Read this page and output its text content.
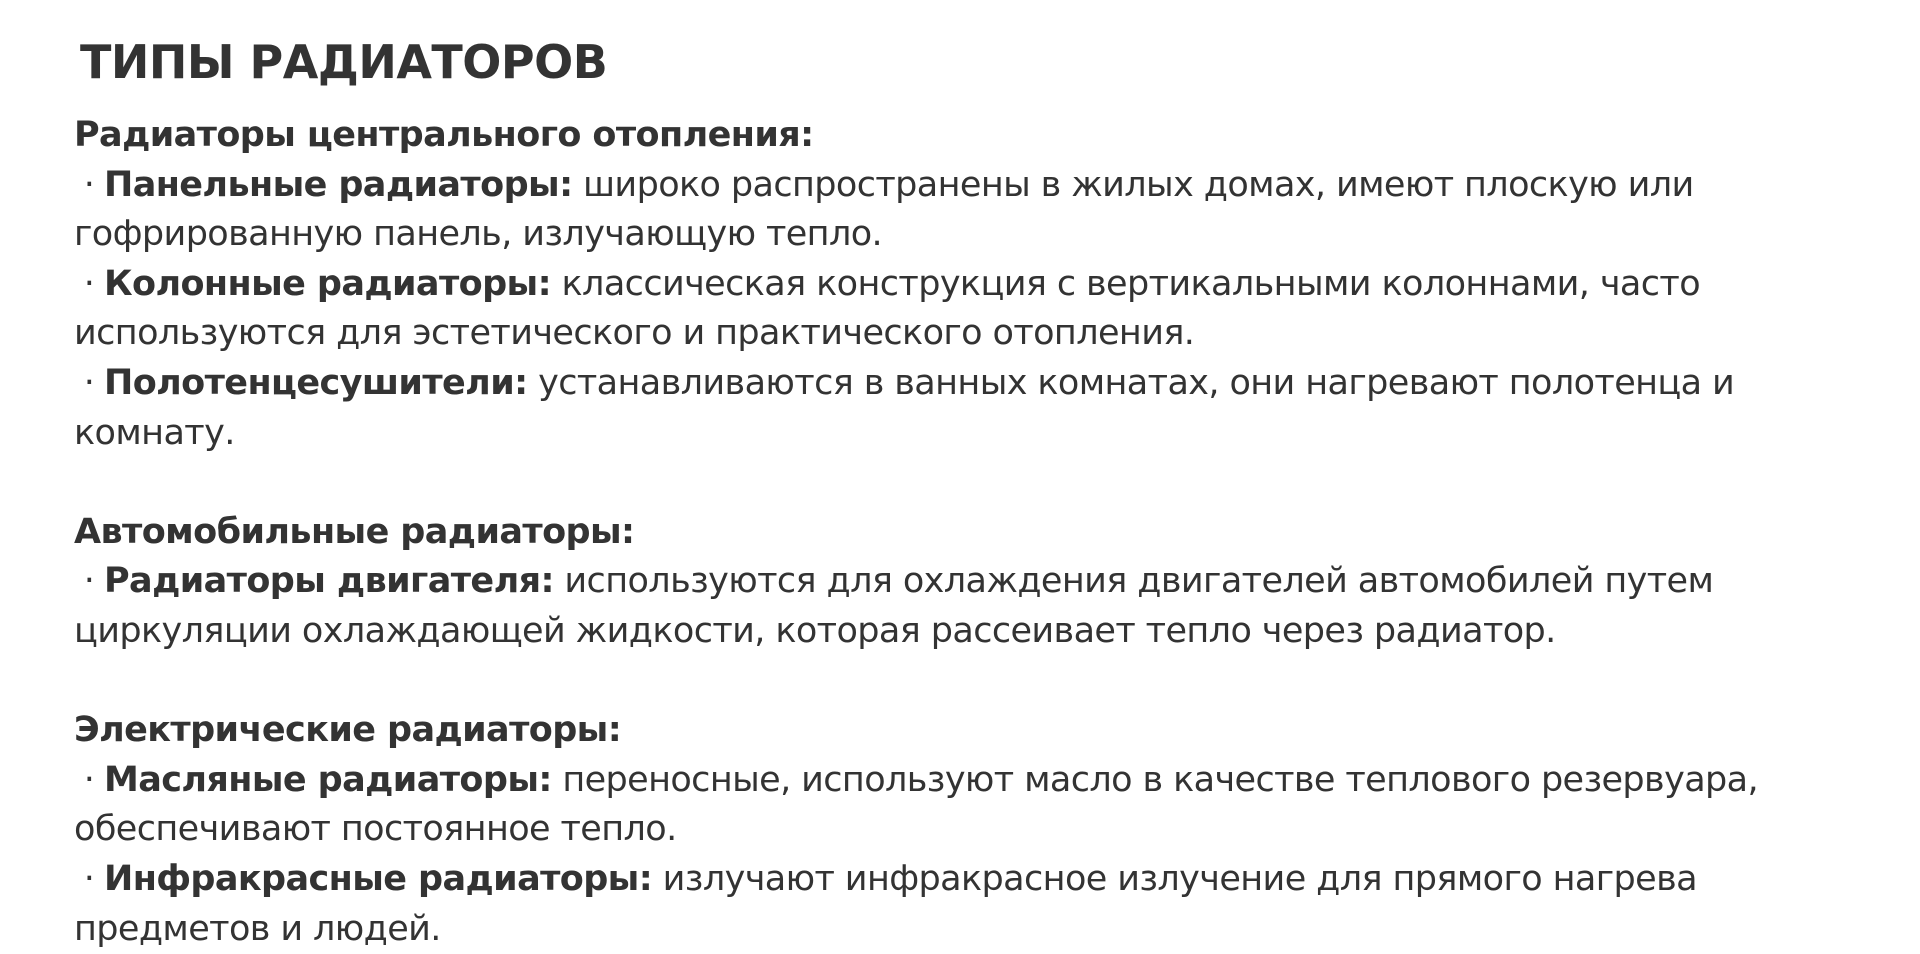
ТИПЫ РАДИАТОРОВ

Радиаторы центрального отопления:

· Панельные радиаторы: широко распространены в жилых домах, имеют плоскую или гофрированную панель, излучающую тепло.

· Колонные радиаторы: классическая конструкция с вертикальными колоннами, часто используются для эстетического и практического отопления.

· Полотенцесушители: устанавливаются в ванных комнатах, они нагревают полотенца и комнату.

Автомобильные радиаторы:

· Радиаторы двигателя: используются для охлаждения двигателей автомобилей путем циркуляции охлаждающей жидкости, которая рассеивает тепло через радиатор.

Электрические радиаторы:

· Масляные радиаторы: переносные, используют масло в качестве теплового резервуара, обеспечивают постоянное тепло.

· Инфракрасные радиаторы: излучают инфракрасное излучение для прямого нагрева предметов и людей.
